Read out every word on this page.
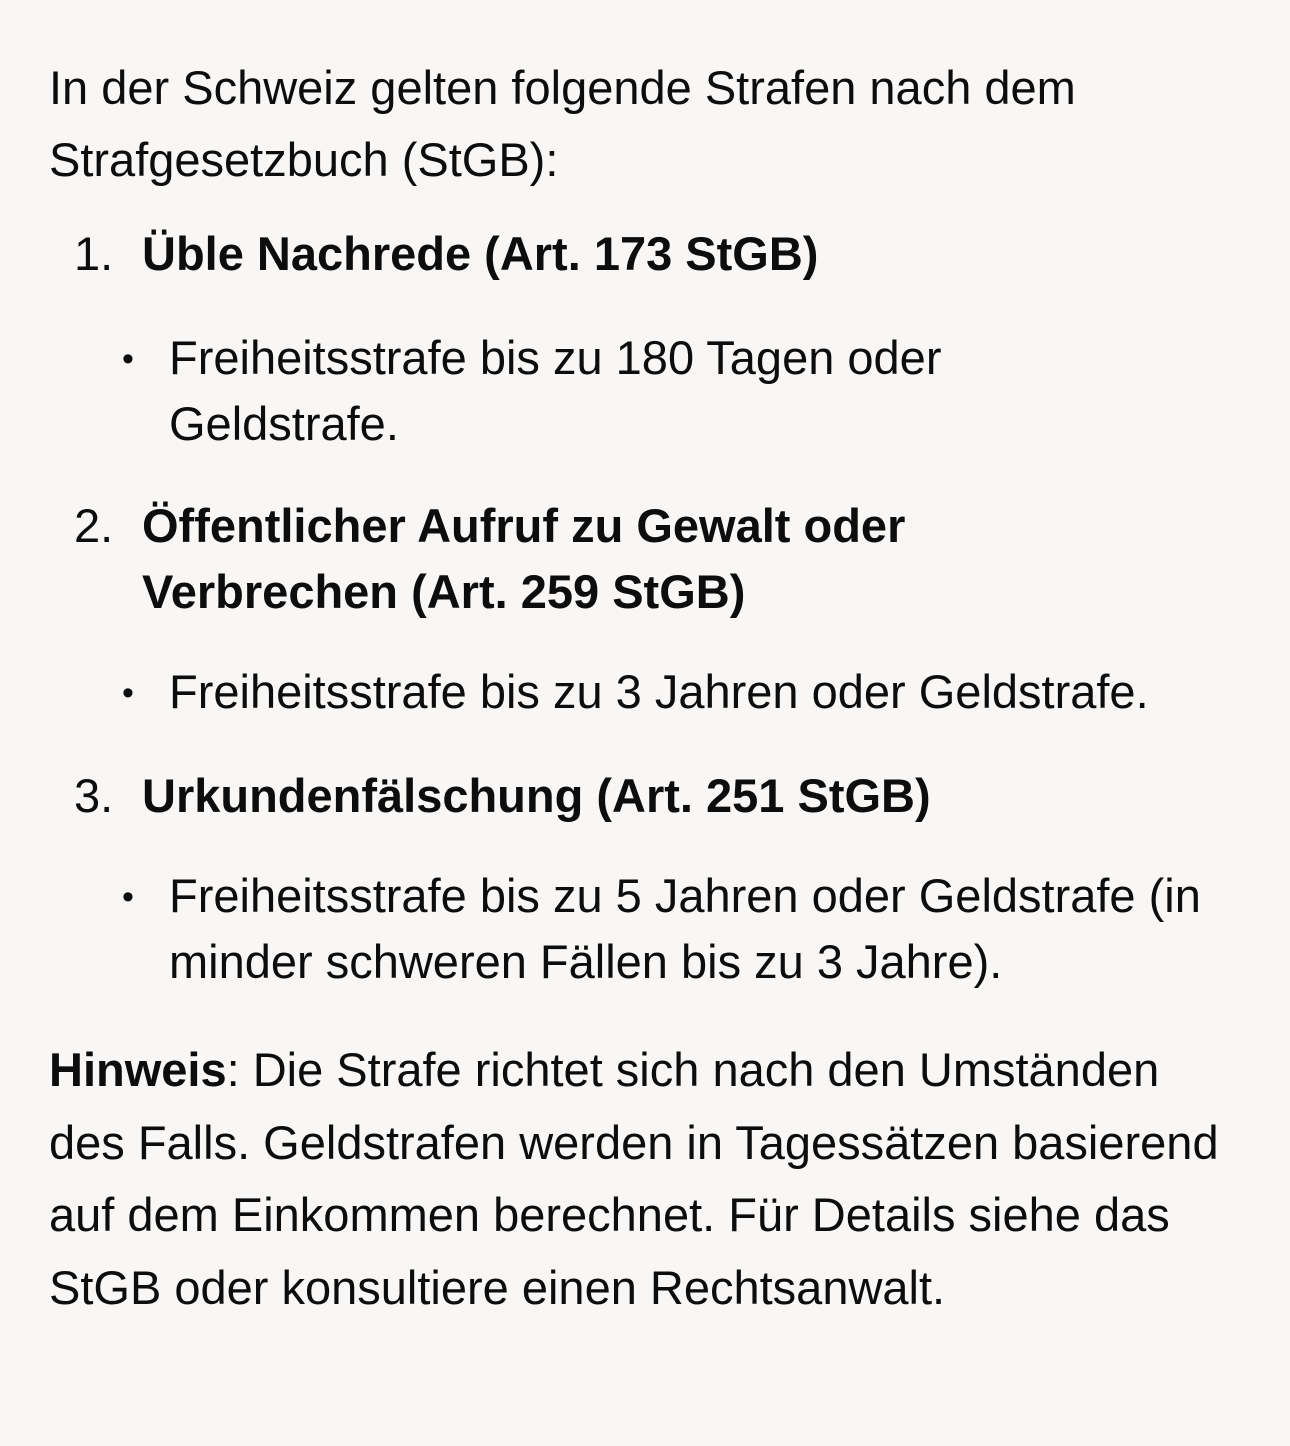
In der Schweiz gelten folgende Strafen nach dem Strafgesetzbuch (StGB):

1. Üble Nachrede (Art. 173 StGB)

• Freiheitsstrafe bis zu 180 Tagen oder Geldstrafe.

2. Öffentlicher Aufruf zu Gewalt oder Verbrechen (Art. 259 StGB)

• Freiheitsstrafe bis zu 3 Jahren oder Geldstrafe.

3. Urkundenfälschung (Art. 251 StGB)

• Freiheitsstrafe bis zu 5 Jahren oder Geldstrafe (in minder schweren Fällen bis zu 3 Jahre).

Hinweis: Die Strafe richtet sich nach den Umständen des Falls. Geldstrafen werden in Tagessätzen basierend auf dem Einkommen berechnet. Für Details siehe das StGB oder konsultiere einen Rechtsanwalt.
